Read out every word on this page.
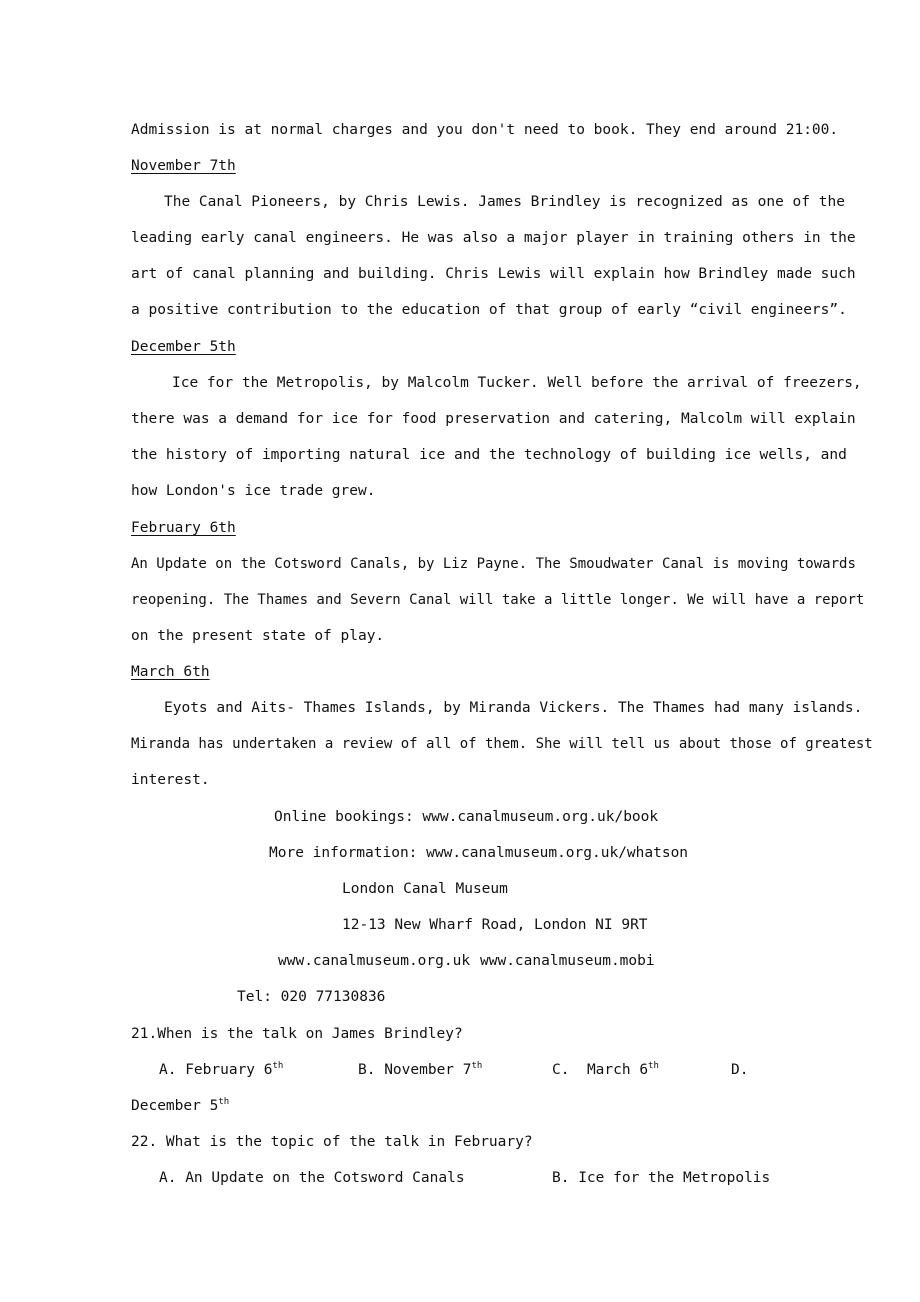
Admission is at normal charges and you don't need to book. They end around 21:00.
November 7th
The Canal Pioneers, by Chris Lewis. James Brindley is recognized as one of the
leading early canal engineers. He was also a major player in training others in the
art of canal planning and building. Chris Lewis will explain how Brindley made such
a positive contribution to the education of that group of early “civil engineers”.
December 5th
Ice for the Metropolis, by Malcolm Tucker. Well before the arrival of freezers,
there was a demand for ice for food preservation and catering, Malcolm will explain
the history of importing natural ice and the technology of building ice wells, and
how London's ice trade grew.
February 6th
An Update on the Cotsword Canals, by Liz Payne. The Smoudwater Canal is moving towards
reopening. The Thames and Severn Canal will take a little longer. We will have a report
on the present state of play.
March 6th
Eyots and Aits- Thames Islands, by Miranda Vickers. The Thames had many islands.
Miranda has undertaken a review of all of them. She will tell us about those of greatest
interest.
Online bookings: www.canalmuseum.org.uk/book
More information: www.canalmuseum.org.uk/whatson
London Canal Museum
12-13 New Wharf Road, London NI 9RT
www.canalmuseum.org.uk www.canalmuseum.mobi
Tel: 020 77130836
21.When is the talk on James Brindley?
A. February 6th	B. November 7th	C. March 6th	D.
December 5th
22. What is the topic of the talk in February?
A. An Update on the Cotsword Canals	B. Ice for the Metropolis
